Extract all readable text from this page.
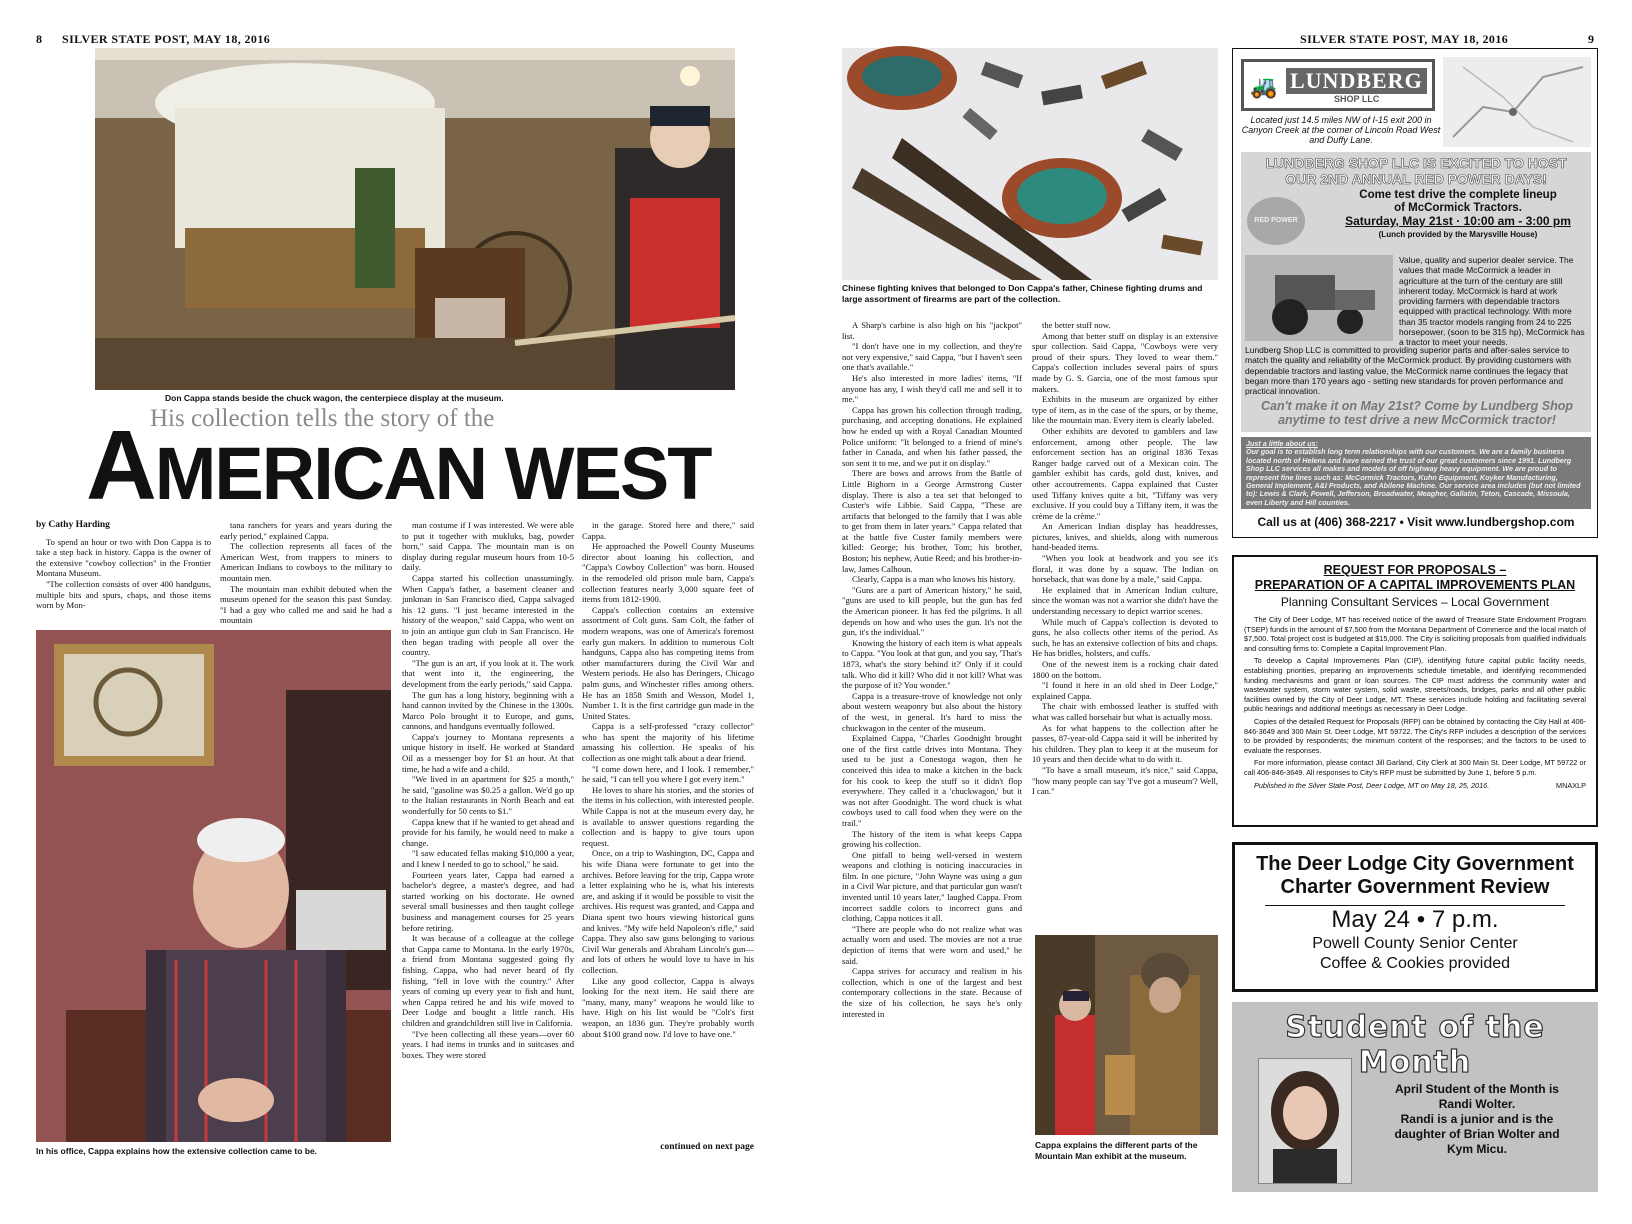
8 SILVER STATE POST, MAY 18, 2016	SILVER STATE POST, MAY 18, 2016	9
Don Cappa stands beside the chuck wagon, the centerpiece display at the museum.
His collection tells the story of the
AMERICAN WEST

by Cathy Harding

To spend an hour or two with Don Cappa is to take a step back in history. Cappa is the owner of the extensive "cowboy collection" in the Frontier Montana Museum.

"The collection consists of over 400 handguns, multiple bits and spurs, chaps, and those items worn by Mon-

tana ranchers for years and years during the early period," explained Cappa.

The collection represents all faces of the American West, from trappers to miners to American Indians to cowboys to the military to mountain men.

The mountain man exhibit debuted when the museum opened for the season this past Sunday. "I had a guy who called me and said he had a mountain

In his office, Cappa explains how the extensive collection came to be.

man costume if I was interested. We were able to put it together with mukluks, bag, powder horn," said Cappa. The mountain man is on display during regular museum hours from 10-5 daily.

Cappa started his collection unassumingly. When Cappa's father, a basement cleaner and junkman in San Francisco died, Cappa salvaged his 12 guns. "I just became interested in the history of the weapon," said Cappa, who went on to join an antique gun club in San Francisco. He then began trading with people all over the country.

"The gun is an art, if you look at it. The work that went into it, the engineering, the development from the early periods," said Cappa.

The gun has a long history, beginning with a hand cannon invited by the Chinese in the 1300s. Marco Polo brought it to Europe, and guns, cannons, and handguns eventually followed.

Cappa's journey to Montana represents a unique history in itself. He worked at Standard Oil as a messenger boy for $1 an hour. At that time, he had a wife and a child.

"We lived in an apartment for $25 a month," he said, "gasoline was $0.25 a gallon. We'd go up to the Italian restaurants in North Beach and eat wonderfully for 50 cents to $1."

Cappa knew that if he wanted to get ahead and provide for his family, he would need to make a change.

"I saw educated fellas making $10,000 a year, and I knew I needed to go to school," he said.

Fourteen years later, Cappa had earned a bachelor's degree, a master's degree, and had started working on his doctorate. He owned several small businesses and then taught college business and management courses for 25 years before retiring.

It was because of a colleague at the college that Cappa came to Montana. In the early 1970s, a friend from Montana suggested going fly fishing. Cappa, who had never heard of fly fishing, "fell in love with the country." After years of coming up every year to fish and hunt, when Cappa retired he and his wife moved to Deer Lodge and bought a little ranch. His children and grandchildren still live in California.

"I've been collecting all these years—over 60 years. I had items in trunks and in suitcases and boxes. They were stored

in the garage. Stored here and there," said Cappa.

He approached the Powell County Museums director about loaning his collection, and "Cappa's Cowboy Collection" was born. Housed in the remodeled old prison mule barn, Cappa's collection features nearly 3,000 square feet of items from 1812-1900.

Cappa's collection contains an extensive assortment of Colt guns. Sam Colt, the father of modern weapons, was one of America's foremost early gun makers. In addition to numerous Colt handguns, Cappa also has competing items from other manufacturers during the Civil War and Western periods. He also has Deringers, Chicago palm guns, and Winchester rifles among others. He has an 1858 Smith and Wesson, Model 1, Number 1. It is the first cartridge gun made in the United States.

Cappa is a self-professed "crazy collector" who has spent the majority of his lifetime amassing his collection. He speaks of his collection as one might talk about a dear friend.

"I come down here, and I look. I remember," he said, "I can tell you where I got every item."

He loves to share his stories, and the stories of the items in his collection, with interested people. While Cappa is not at the museum every day, he is available to answer questions regarding the collection and is happy to give tours upon request.

Once, on a trip to Washington, DC, Cappa and his wife Diana were fortunate to get into the archives. Before leaving for the trip, Cappa wrote a letter explaining who he is, what his interests are, and asking if it would be possible to visit the archives. His request was granted, and Cappa and Diana spent two hours viewing historical guns and knives. "My wife held Napoleon's rifle," said Cappa. They also saw guns belonging to various Civil War generals and Abraham Lincoln's gun—and lots of others he would love to have in his collection.

Like any good collector, Cappa is always looking for the next item. He said there are "many, many, many" weapons he would like to have. High on his list would be "Colt's first weapon, an 1836 gun. They're probably worth about $100 grand now. I'd love to have one."

continued on next page
Chinese fighting knives that belonged to Don Cappa's father, Chinese fighting drums and large assortment of firearms are part of the collection.

A Sharp's carbine is also high on his "jackpot" list.

"I don't have one in my collection, and they're not very expensive," said Cappa, "but I haven't seen one that's available."

He's also interested in more ladies' items, "If anyone has any, I wish they'd call me and sell it to me."

Cappa has grown his collection through trading, purchasing, and accepting donations. He explained how he ended up with a Royal Canadian Mounted Police uniform: "It belonged to a friend of mine's father in Canada, and when his father passed, the son sent it to me, and we put it on display."

There are bows and arrows from the Battle of Little Bighorn in a George Armstrong Custer display. There is also a tea set that belonged to Custer's wife Libbie. Said Cappa, "These are artifacts that belonged to the family that I was able to get from them in later years." Cappa related that at the battle five Custer family members were killed: George; his brother, Tom; his brother, Boston; his nephew, Autie Reed; and his brother-in-law, James Calhoun.

Clearly, Cappa is a man who knows his history.

"Guns are a part of American history," he said, "guns are used to kill people, but the gun has fed the American pioneer. It has fed the pilgrims. It all depends on how and who uses the gun. It's not the gun, it's the individual."

Knowing the history of each item is what appeals to Cappa. "You look at that gun, and you say, 'That's 1873, what's the story behind it?' Only if it could talk. Who did it kill? Who did it not kill? What was the purpose of it? You wonder."

Cappa is a treasure-trove of knowledge not only about western weaponry but also about the history of the west, in general. It's hard to miss the chuckwagon in the center of the museum.

Explained Cappa, "Charles Goodnight brought one of the first cattle drives into Montana. They used to be just a Conestoga wagon, then he conceived this idea to make a kitchen in the back for his cook to keep the stuff so it didn't flop everywhere. They called it a 'chuckwagon,' but it was not after Goodnight. The word chuck is what cowboys used to call food when they were on the trail."

The history of the item is what keeps Cappa growing his collection.

One pitfall to being well-versed in western weapons and clothing is noticing inaccuracies in film. In one picture, "John Wayne was using a gun in a Civil War picture, and that particular gun wasn't invented until 10 years later," laughed Cappa. From incorrect saddle colors to incorrect guns and clothing, Cappa notices it all.

"There are people who do not realize what was actually worn and used. The movies are not a true depiction of items that were worn and used," he said.

Cappa strives for accuracy and realism in his collection, which is one of the largest and best contemporary collections in the state. Because of the size of his collection, he says he's only interested in

the better stuff now.

Among that better stuff on display is an extensive spur collection. Said Cappa, "Cowboys were very proud of their spurs. They loved to wear them." Cappa's collection includes several pairs of spurs made by G. S. Garcia, one of the most famous spur makers.

Exhibits in the museum are organized by either type of item, as in the case of the spurs, or by theme, like the mountain man. Every item is clearly labeled.

Other exhibits are devoted to gamblers and law enforcement, among other people. The law enforcement section has an original 1836 Texas Ranger badge carved out of a Mexican coin. The gambler exhibit has cards, gold dust, knives, and other accoutrements. Cappa explained that Custer used Tiffany knives quite a bit, "Tiffany was very exclusive. If you could buy a Tiffany item, it was the crème de la crème."

An American Indian display has headdresses, pictures, knives, and shields, along with numerous hand-beaded items.

"When you look at beadwork and you see it's floral, it was done by a squaw. The Indian on horseback, that was done by a male," said Cappa.

He explained that in American Indian culture, since the woman was not a warrior she didn't have the understanding necessary to depict warrior scenes.

While much of Cappa's collection is devoted to guns, he also collects other items of the period. As such, he has an extensive collection of bits and chaps. He has bridles, holsters, and cuffs.

One of the newest item is a rocking chair dated 1800 on the bottom.

"I found it here in an old shed in Deer Lodge," explained Cappa.

The chair with embossed leather is stuffed with what was called horsehair but what is actually moss.

As for what happens to the collection after he passes, 87-year-old Cappa said it will be inherited by his children. They plan to keep it at the museum for 10 years and then decide what to do with it.

"To have a small museum, it's nice," said Cappa, "how many people can say 'I've got a museum'? Well, I can."

Cappa explains the different parts of the Mountain Man exhibit at the museum.
🚜 LUNDBERG
SHOP LLC
Located just 14.5 miles NW of I-15 exit 200 in Canyon Creek at the corner of Lincoln Road West and Duffy Lane.
LUNDBERG SHOP LLC IS EXCITED TO HOST
OUR 2ND ANNUAL RED POWER DAYS!
Come test drive the complete lineup
of McCormick Tractors.
Saturday, May 21st · 10:00 am - 3:00 pm
(Lunch provided by the Marysville House)
RED POWER
Value, quality and superior dealer service. The values that made McCormick a leader in agriculture at the turn of the century are still inherent today. McCormick is hard at work providing farmers with dependable tractors equipped with practical technology. With more than 35 tractor models ranging from 24 to 225 horsepower, (soon to be 315 hp), McCormick has a tractor to meet your needs.
Lundberg Shop LLC is committed to providing superior parts and after-sales service to match the quality and reliability of the McCormick product. By providing customers with dependable tractors and lasting value, the McCormick name continues the legacy that began more than 170 years ago - setting new standards for proven performance and practical innovation.
Can't make it on May 21st? Come by Lundberg Shop anytime to test drive a new McCormick tractor!
Just a little about us:
Our goal is to establish long term relationships with our customers. We are a family business located north of Helena and have earned the trust of our great customers since 1991. Lundberg Shop LLC services all makes and models of off highway heavy equipment. We are proud to represent fine lines such as: McCormick Tractors, Kuhn Equipment, Koyker Manufacturing, General Implement, A&I Products, and Abilene Machine. Our service area includes (but not limited to): Lewis & Clark, Powell, Jefferson, Broadwater, Meagher, Gallatin, Teton, Cascade, Missoula, even Liberty and Hill counties.
Call us at (406) 368-2217 • Visit www.lundbergshop.com
REQUEST FOR PROPOSALS –
PREPARATION OF A CAPITAL IMPROVEMENTS PLAN
Planning Consultant Services – Local Government

The City of Deer Lodge, MT has received notice of the award of Treasure State Endowment Program (TSEP) funds in the amount of $7,500 from the Montana Department of Commerce and the local match of $7,500. Total project cost is budgeted at $15,000. The City is soliciting proposals from qualified individuals and consulting firms to: Complete a Capital Improvement Plan.

To develop a Capital Improvements Plan (CIP), identifying future capital public facility needs, establishing priorities, preparing an improvements schedule timetable, and identifying recommended funding mechanisms and grant or loan sources. The CIP must address the community water and wastewater system, storm water system, solid waste, streets/roads, bridges, parks and all other public facilities owned by the City of Deer Lodge, MT. These services include holding and facilitating several public hearings and additional meetings as necessary in Deer Lodge.

Copies of the detailed Request for Proposals (RFP) can be obtained by contacting the City Hall at 406-846-3649 and 300 Main St. Deer Lodge, MT 59722. The City's RFP includes a description of the services to be provided by respondents; the minimum content of the responses; and the factors to be used to evaluate the responses.

For more information, please contact Jill Garland, City Clerk at 300 Main St. Deer Lodge, MT 59722 or call 406-846-3649. All responses to City's RFP must be submitted by June 1, before 5 p.m.

Published in the Silver State Post, Deer Lodge, MT on May 18, 25, 2016.	MNAXLP

The Deer Lodge City Government
Charter Government Review
May 24 • 7 p.m.
Powell County Senior Center
Coffee & Cookies provided
Student of the Month
April Student of the Month is
Randi Wolter.
Randi is a junior and is the
daughter of Brian Wolter and
Kym Micu.
